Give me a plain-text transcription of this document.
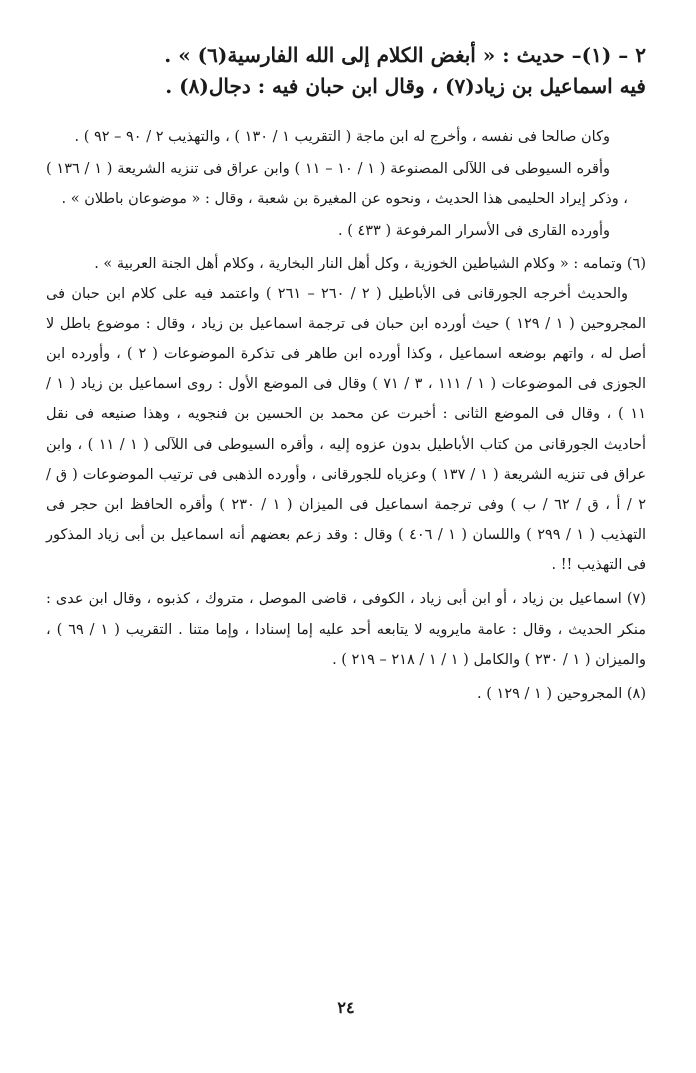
٢ – (١)– حديث : « أبغض الكلام إلى الله الفارسية(٦) » .

فيه اسماعيل بن زياد(٧) ، وقال ابن حبان فيه : دجال(٨) .

وكان صالحا فى نفسه ، وأخرج له ابن ماجة ( التقريب ١ / ١٣٠ ) ، والتهذيب ٢ / ٩٠ – ٩٢ ) .

وأقره السيوطى فى اللآلى المصنوعة ( ١ / ١٠ – ١١ ) وابن عراق فى تنزيه الشريعة ( ١ / ١٣٦ ) ، وذكر إيراد الحليمى هذا الحديث ، ونحوه عن المغيرة بن شعبة ، وقال : « موضوعان باطلان » .

وأورده القارى فى الأسرار المرفوعة ( ٤٣٣ ) .

(٦) وتمامه : « وكلام الشياطين الخوزية ، وكل أهل النار البخارية ، وكلام أهل الجنة العربية » .

والحديث أخرجه الجورقانى فى الأباطيل ( ٢ / ٢٦٠ – ٢٦١ ) واعتمد فيه على كلام ابن حبان فى المجروحين ( ١ / ١٢٩ ) حيث أورده ابن حبان فى ترجمة اسماعيل بن زياد ، وقال : موضوع باطل لا أصل له ، واتهم بوضعه اسماعيل ، وكذا أورده ابن طاهر فى تذكرة الموضوعات ( ٢ ) ، وأورده ابن الجوزى فى الموضوعات ( ١ / ١١١ ، ٣ / ٧١ ) وقال فى الموضع الأول : روى اسماعيل بن زياد ( ١ / ١١ ) ، وقال فى الموضع الثانى : أخبرت عن محمد بن الحسين بن فنجويه ، وهذا صنيعه فى نقل أحاديث الجورقانى من كتاب الأباطيل بدون عزوه إليه ، وأقره السيوطى فى اللآلى ( ١ / ١١ ) ، وابن عراق فى تنزيه الشريعة ( ١ / ١٣٧ ) وعزياه للجورقانى ، وأورده الذهبى فى ترتيب الموضوعات ( ق / ٢ / أ ، ق / ٦٢ / ب ) وفى ترجمة اسماعيل فى الميزان ( ١ / ٢٣٠ ) وأقره الحافظ ابن حجر فى التهذيب ( ١ / ٢٩٩ ) واللسان ( ١ / ٤٠٦ ) وقال : وقد زعم بعضهم أنه اسماعيل بن أبى زياد المذكور فى التهذيب !! .

(٧) اسماعيل بن زياد ، أو ابن أبى زياد ، الكوفى ، قاضى الموصل ، متروك ، كذبوه ، وقال ابن عدى : منكر الحديث ، وقال : عامة مايرويه لا يتابعه أحد عليه إما إسنادا ، وإما متنا . التقريب ( ١ / ٦٩ ) ، والميزان ( ١ / ٢٣٠ ) والكامل ( ١ / ١ / ٢١٨ – ٢١٩ ) .

(٨) المجروحين ( ١ / ١٢٩ ) .

٢٤
